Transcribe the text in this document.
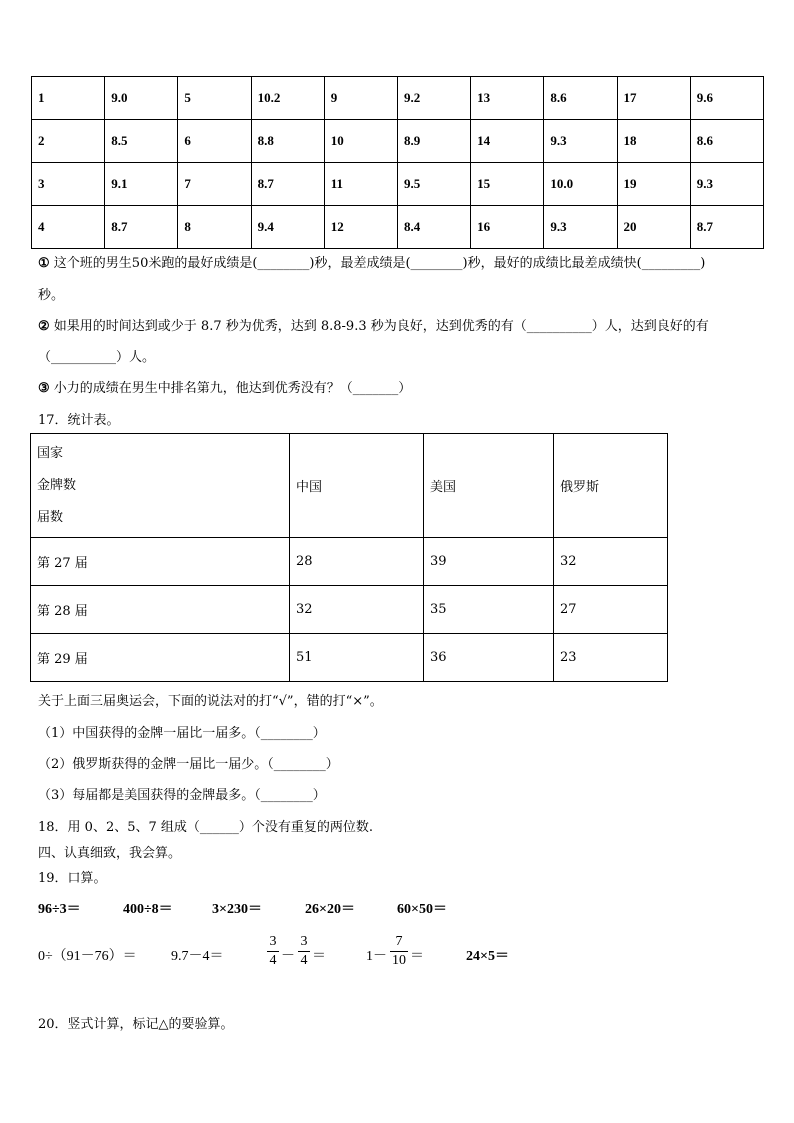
1	9.0	5	10.2	9	9.2	13	8.6	17	9.6
2	8.5	6	8.8	10	8.9	14	9.3	18	8.6
3	9.1	7	8.7	11	9.5	15	10.0	19	9.3
4	8.7	8	9.4	12	8.4	16	9.3	20	8.7
① 这个班的男生50米跑的最好成绩是(________)秒，最差成绩是(________)秒，最好的成绩比最差成绩快(_________)
秒。
② 如果用的时间达到或少于 8.7 秒为优秀，达到 8.8-9.3 秒为良好，达到优秀的有（__________）人，达到良好的有
（__________）人。
③ 小力的成绩在男生中排名第九，他达到优秀没有？（_______）
17．统计表。
国家
金牌数
届数	中国	美国	俄罗斯
第 27 届	28	39	32
第 28 届	32	35	27
第 29 届	51	36	23
关于上面三届奥运会，下面的说法对的打“√”，错的打“×”。
（1）中国获得的金牌一届比一届多。（________）
（2）俄罗斯获得的金牌一届比一届少。（________）
（3）每届都是美国获得的金牌最多。（________）
18．用 0、2、5、7 组成（______）个没有重复的两位数.
四、认真细致，我会算。
19．口算。
96÷3＝	400÷8＝	3×230＝	26×20＝	60×50＝
0÷（91－76）＝ 9.7－4＝
3
4 －
3
4 ＝	1－
7
10 ＝	24×5＝
20．竖式计算，标记△的要验算。
